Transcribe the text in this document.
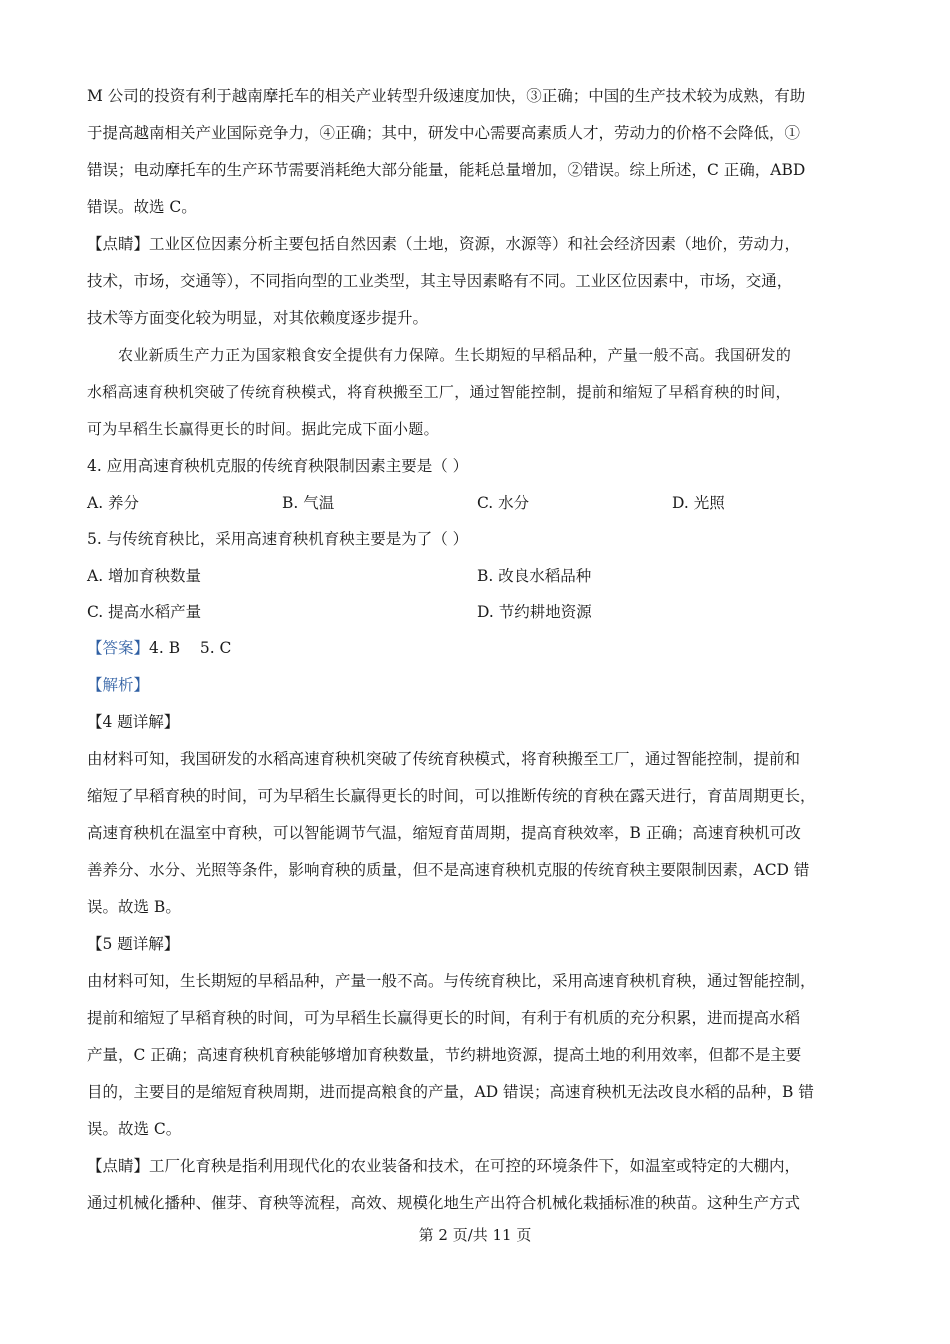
M 公司的投资有利于越南摩托车的相关产业转型升级速度加快，③正确；中国的生产技术较为成熟，有助

于提高越南相关产业国际竞争力，④正确；其中，研发中心需要高素质人才，劳动力的价格不会降低，①

错误；电动摩托车的生产环节需要消耗绝大部分能量，能耗总量增加，②错误。综上所述，C 正确，ABD

错误。故选 C。

【点睛】工业区位因素分析主要包括自然因素（土地，资源，水源等）和社会经济因素（地价，劳动力，

技术，市场，交通等），不同指向型的工业类型，其主导因素略有不同。工业区位因素中，市场，交通，

技术等方面变化较为明显，对其依赖度逐步提升。

农业新质生产力正为国家粮食安全提供有力保障。生长期短的早稻品种，产量一般不高。我国研发的

水稻高速育秧机突破了传统育秧模式，将育秧搬至工厂，通过智能控制，提前和缩短了早稻育秧的时间，

可为早稻生长赢得更长的时间。据此完成下面小题。

4. 应用高速育秧机克服的传统育秧限制因素主要是（ ）

A. 养分	B. 气温	C. 水分	D. 光照

5. 与传统育秧比，采用高速育秧机育秧主要是为了（ ）

A. 增加育秧数量	B. 改良水稻品种
C. 提高水稻产量	D. 节约耕地资源

【答案】4. B    5. C

【解析】

【4 题详解】

由材料可知，我国研发的水稻高速育秧机突破了传统育秧模式，将育秧搬至工厂，通过智能控制，提前和

缩短了早稻育秧的时间，可为早稻生长赢得更长的时间，可以推断传统的育秧在露天进行，育苗周期更长，

高速育秧机在温室中育秧，可以智能调节气温，缩短育苗周期，提高育秧效率，B 正确；高速育秧机可改

善养分、水分、光照等条件，影响育秧的质量，但不是高速育秧机克服的传统育秧主要限制因素，ACD 错

误。故选 B。

【5 题详解】

由材料可知，生长期短的早稻品种，产量一般不高。与传统育秧比，采用高速育秧机育秧，通过智能控制，

提前和缩短了早稻育秧的时间，可为早稻生长赢得更长的时间，有利于有机质的充分积累，进而提高水稻

产量，C 正确；高速育秧机育秧能够增加育秧数量，节约耕地资源，提高土地的利用效率，但都不是主要

目的，主要目的是缩短育秧周期，进而提高粮食的产量，AD 错误；高速育秧机无法改良水稻的品种，B 错

误。故选 C。

【点睛】工厂化育秧是指利用现代化的农业装备和技术，在可控的环境条件下，如温室或特定的大棚内，

通过机械化播种、催芽、育秧等流程，高效、规模化地生产出符合机械化栽插标准的秧苗。这种生产方式

第 2 页/共 11 页
